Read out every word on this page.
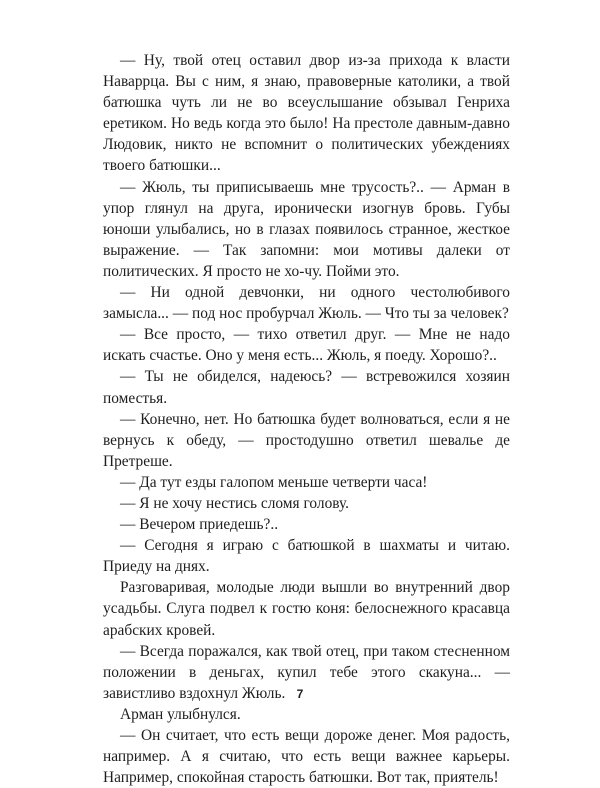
— Ну, твой отец оставил двор из-за прихода к власти Наваррца. Вы с ним, я знаю, правоверные католики, а твой батюшка чуть ли не во всеуслышание обзывал Генриха еретиком. Но ведь когда это было! На престоле давным-давно Людовик, никто не вспомнит о политических убеждениях твоего батюшки...

— Жюль, ты приписываешь мне трусость?.. — Арман в упор глянул на друга, иронически изогнув бровь. Губы юноши улыбались, но в глазах появилось странное, жесткое выражение. — Так запомни: мои мотивы далеки от политических. Я просто не хо-чу. Пойми это.

— Ни одной девчонки, ни одного честолюбивого замысла... — под нос пробурчал Жюль. — Что ты за человек?

— Все просто, — тихо ответил друг. — Мне не надо искать счастье. Оно у меня есть... Жюль, я поеду. Хорошо?..

— Ты не обиделся, надеюсь? — встревожился хозяин поместья.

— Конечно, нет. Но батюшка будет волноваться, если я не вернусь к обеду, — простодушно ответил шевалье де Претреше.

— Да тут езды галопом меньше четверти часа!

— Я не хочу нестись сломя голову.

— Вечером приедешь?..

— Сегодня я играю с батюшкой в шахматы и читаю. Приеду на днях.

Разговаривая, молодые люди вышли во внутренний двор усадьбы. Слуга подвел к гостю коня: белоснежного красавца арабских кровей.

— Всегда поражался, как твой отец, при таком стесненном положении в деньгах, купил тебе этого скакуна... — завистливо вздохнул Жюль.

Арман улыбнулся.

— Он считает, что есть вещи дороже денег. Моя радость, например. А я считаю, что есть вещи важнее карьеры. Например, спокойная старость батюшки. Вот так, приятель!

7
